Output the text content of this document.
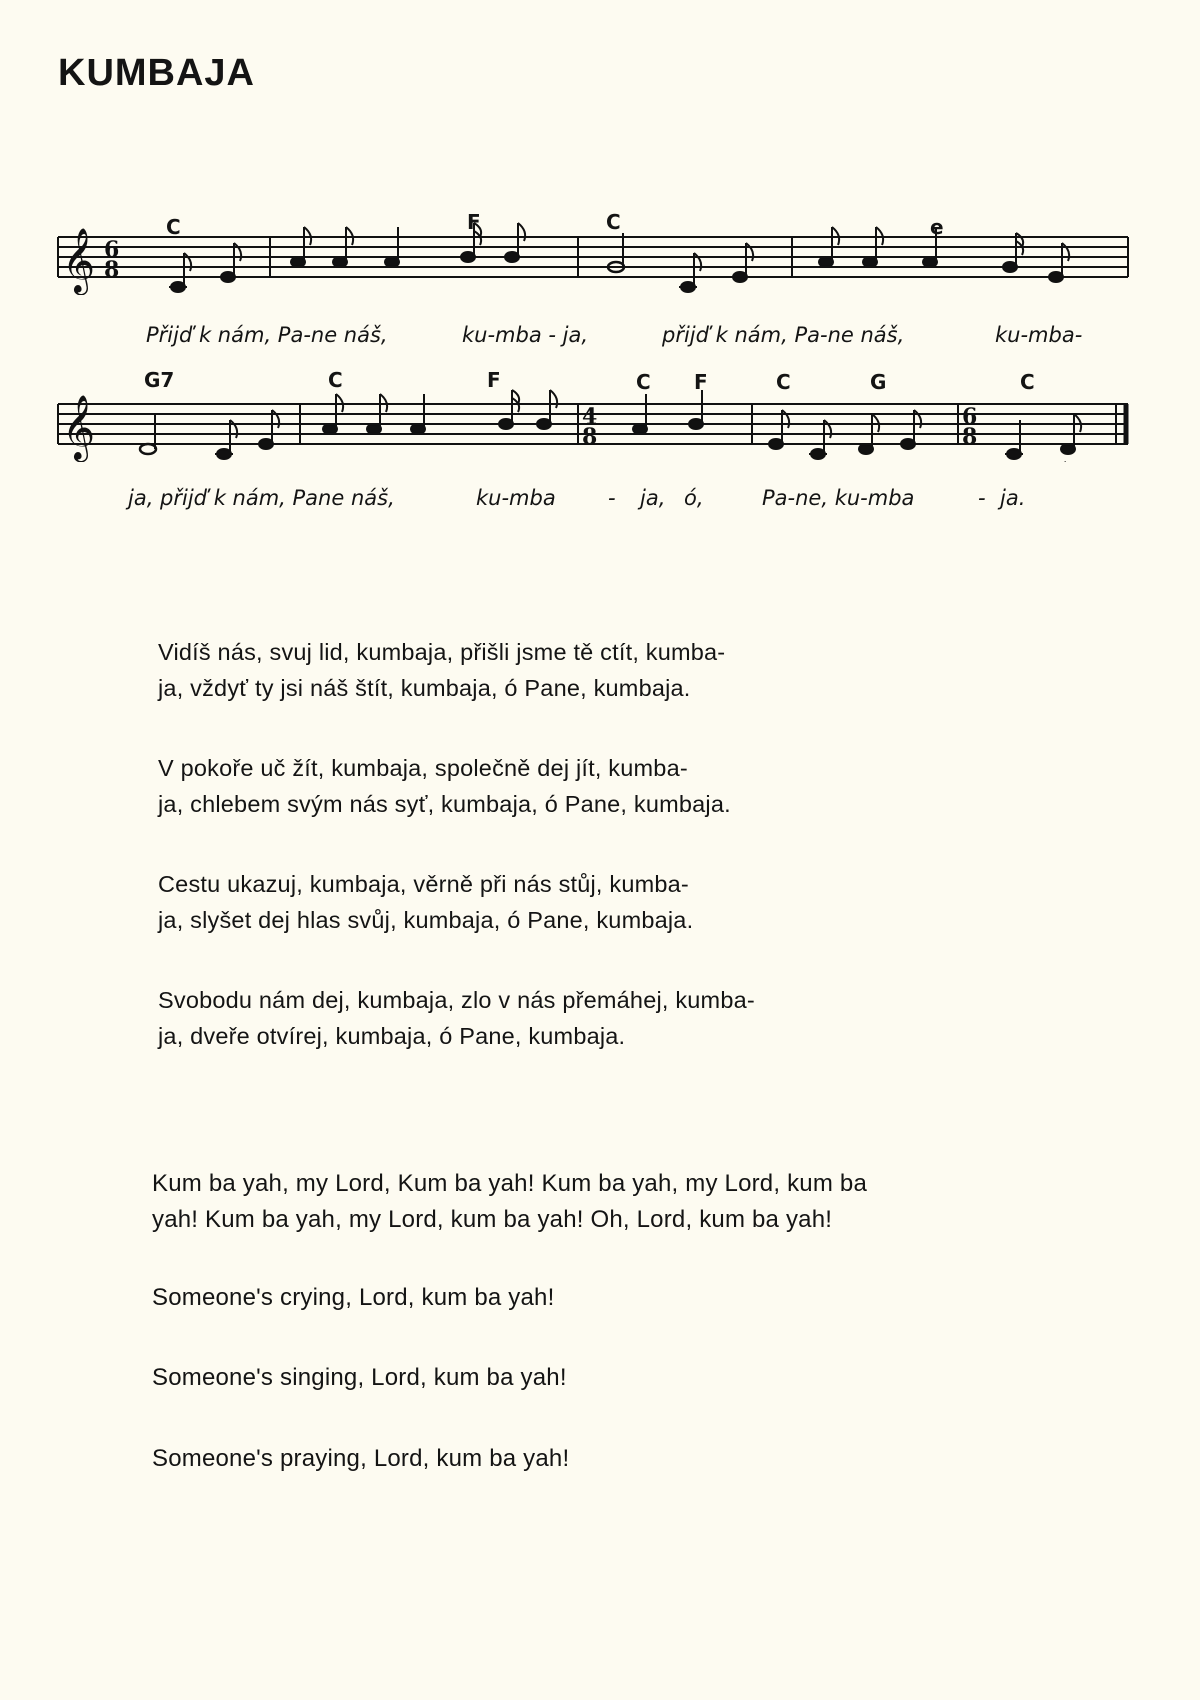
KUMBAJA
𝄞 6
8
C	F	C	e
Přijď k nám, Pa-ne náš,	ku-mba - ja,	přijď k nám, Pa-ne náš,	ku-mba-
𝄞	4
8
6
8
G7	C	F	C F	C	G	C
ja, přijď k nám, Pane náš,	ku-mba - ja, ó,	Pa-ne, ku-mba	- ja.

Vidíš nás, svuj lid, kumbaja, přišli jsme tě ctít, kumba-
ja, vždyť ty jsi náš štít, kumbaja, ó Pane, kumbaja.

V pokoře uč žít, kumbaja, společně dej jít, kumba-
ja, chlebem svým nás syť, kumbaja, ó Pane, kumbaja.

Cestu ukazuj, kumbaja, věrně při nás stůj, kumba-
ja, slyšet dej hlas svůj, kumbaja, ó Pane, kumbaja.

Svobodu nám dej, kumbaja, zlo v nás přemáhej, kumba-
ja, dveře otvírej, kumbaja, ó Pane, kumbaja.

Kum ba yah, my Lord, Kum ba yah! Kum ba yah, my Lord, kum ba
yah! Kum ba yah, my Lord, kum ba yah! Oh, Lord, kum ba yah!

Someone's crying, Lord, kum ba yah!

Someone's singing, Lord, kum ba yah!

Someone's praying, Lord, kum ba yah!
